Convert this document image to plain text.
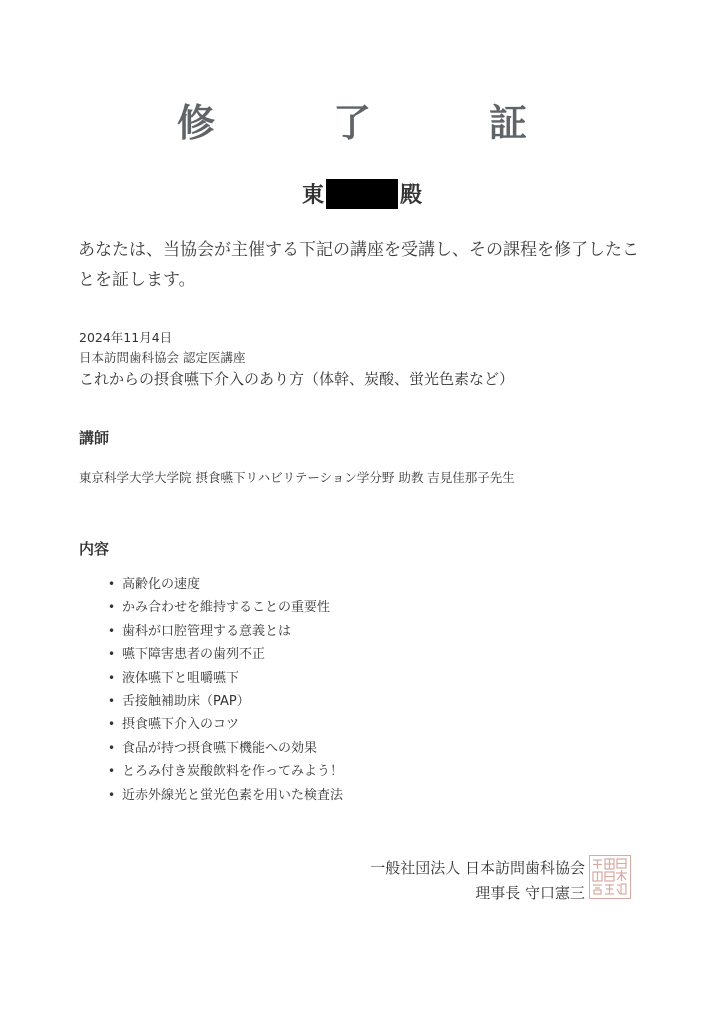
修　了　証
東	殿
あなたは、当協会が主催する下記の講座を受講し、その課程を修了したことを証します。
2024年11月4日
日本訪問歯科協会 認定医講座
これからの摂食嚥下介入のあり方（体幹、炭酸、蛍光色素など）
講師
東京科学大学大学院 摂食嚥下リハビリテーション学分野 助教 吉見佳那子先生
内容
• 高齢化の速度
• かみ合わせを維持することの重要性
• 歯科が口腔管理する意義とは
• 嚥下障害患者の歯列不正
• 液体嚥下と咀嚼嚥下
• 舌接触補助床（PAP）
• 摂食嚥下介入のコツ
• 食品が持つ摂食嚥下機能への効果
• とろみ付き炭酸飲料を作ってみよう！
• 近赤外線光と蛍光色素を用いた検査法
一般社団法人 日本訪問歯科協会
理事長 守口憲三
